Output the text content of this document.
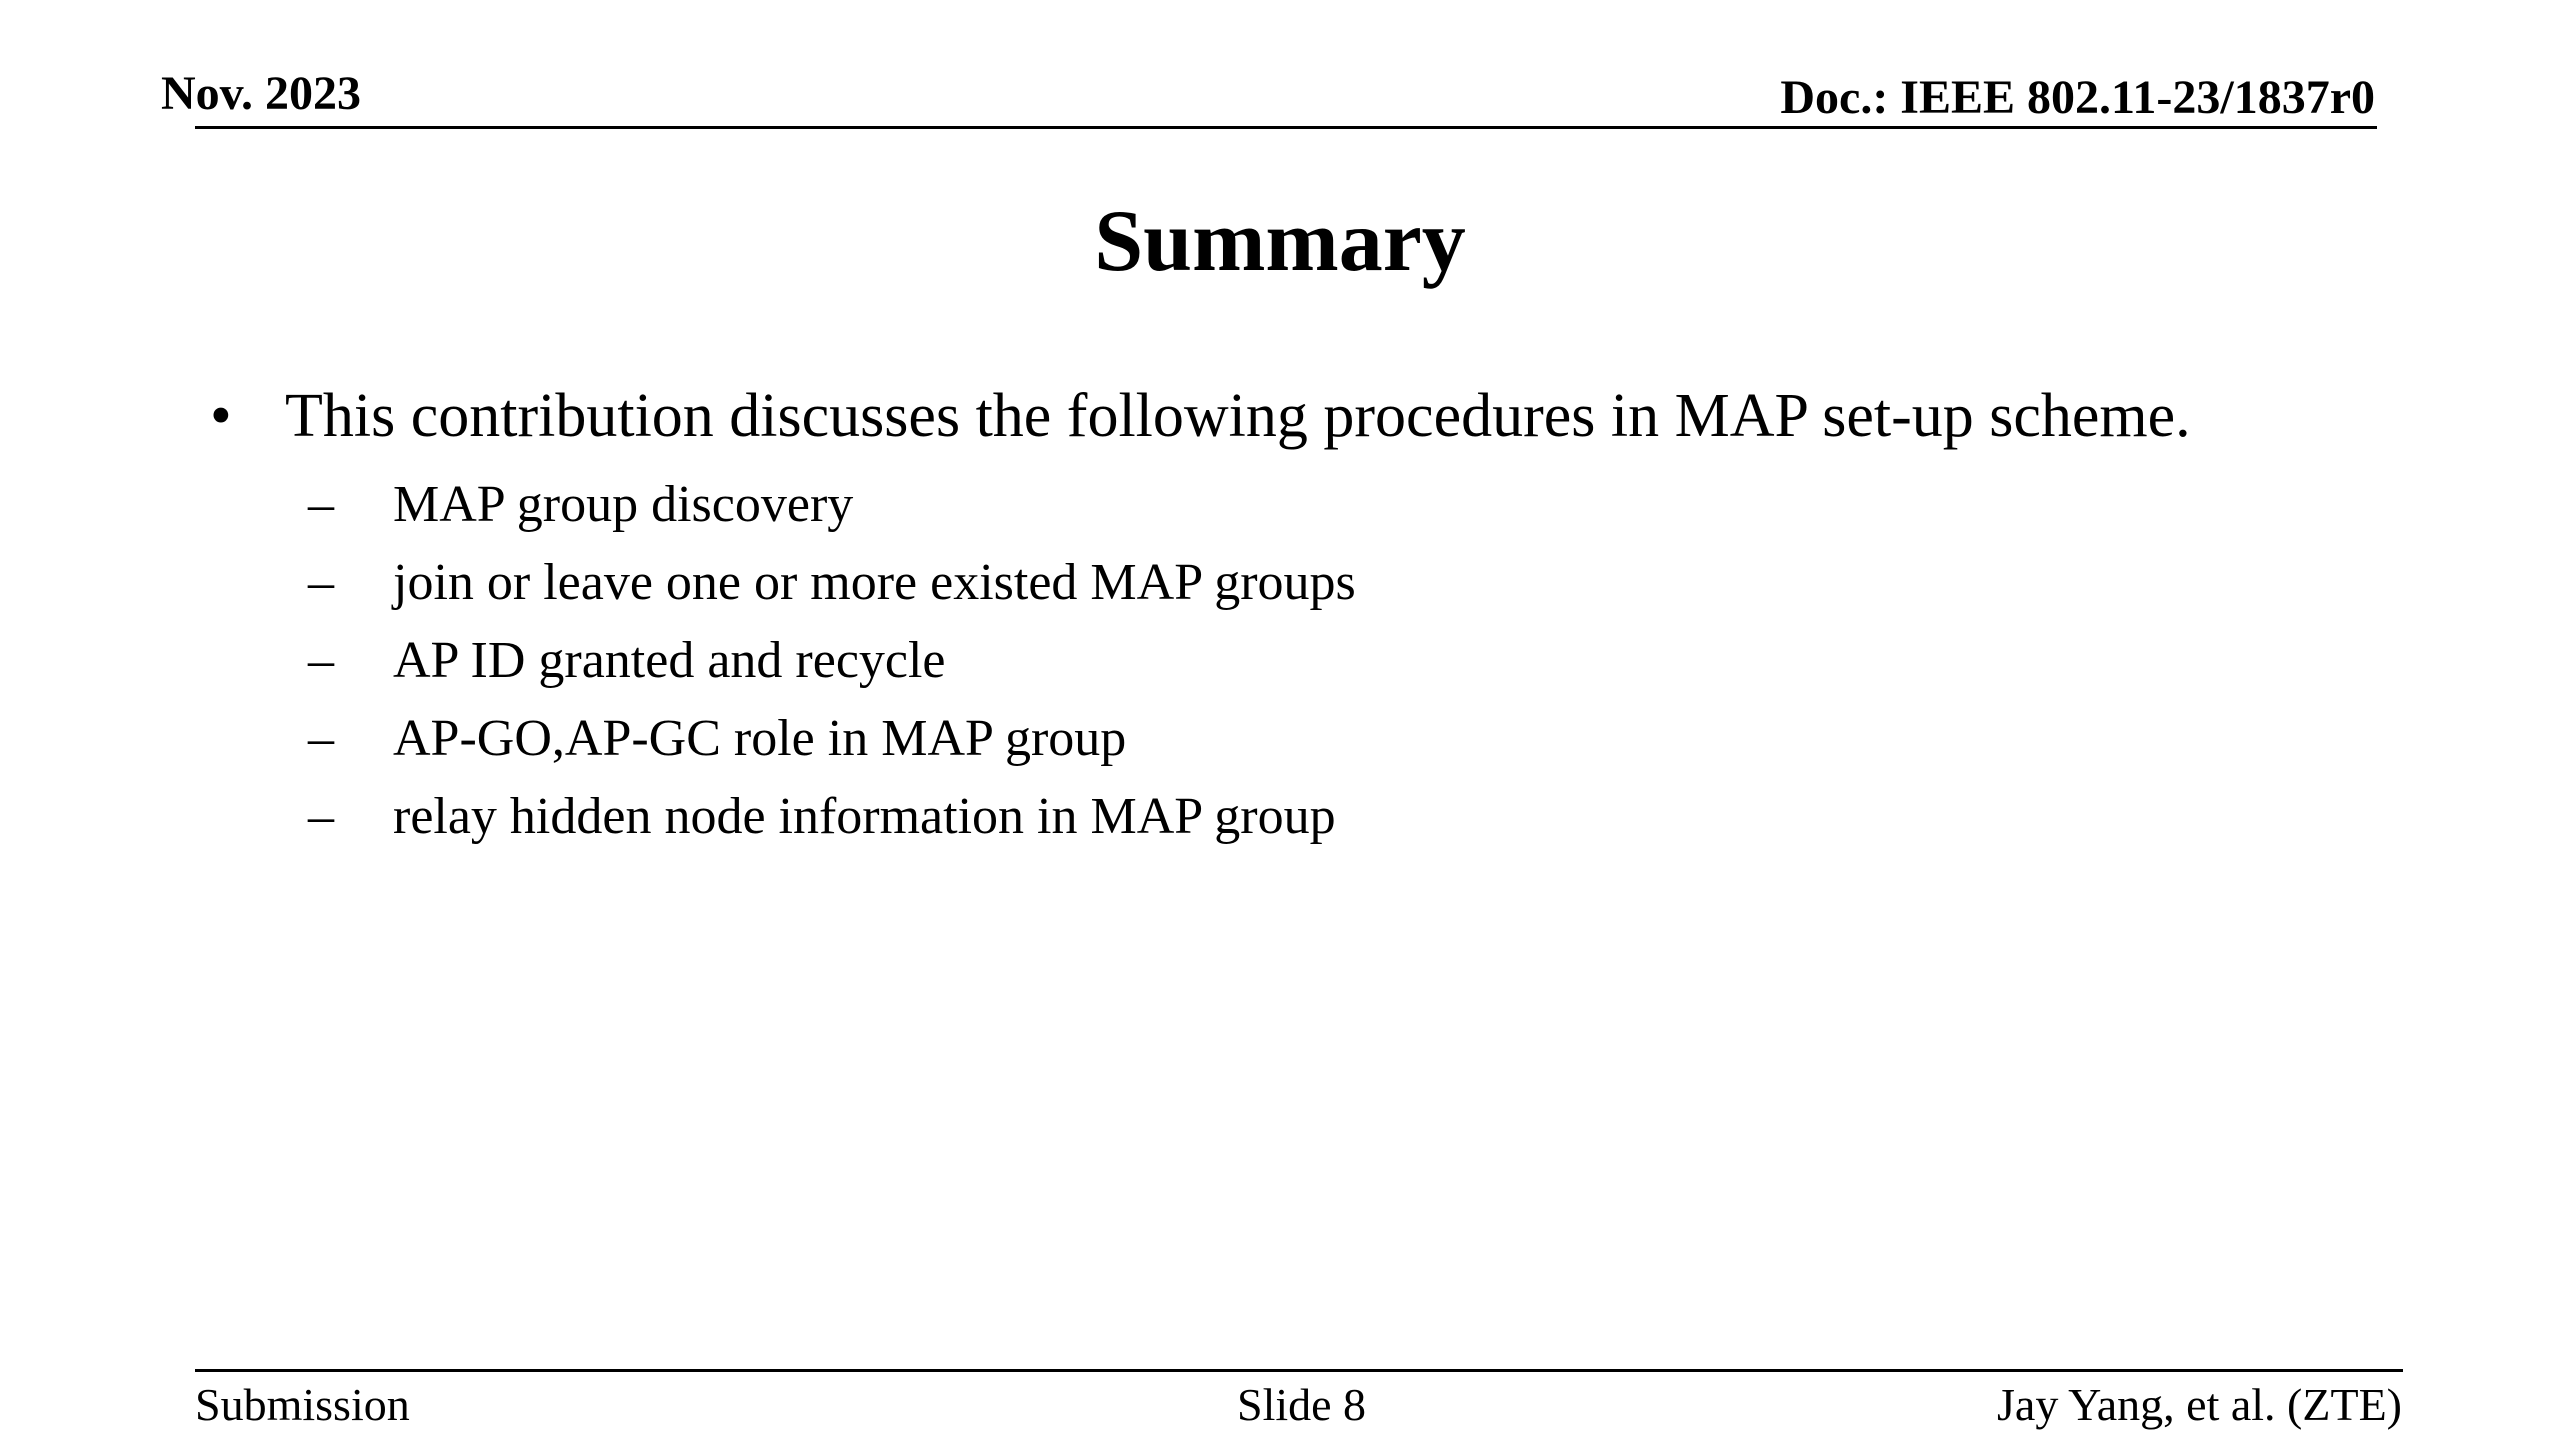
Nov. 2023	Doc.: IEEE 802.11-23/1837r0
Summary
• This contribution discusses the following procedures in MAP set-up scheme.
– MAP group discovery
– join or leave one or more existed MAP groups
– AP ID granted and recycle
– AP-GO,AP-GC role in MAP group
– relay hidden node information in MAP group
Submission	Slide 8	Jay Yang, et al. (ZTE)
